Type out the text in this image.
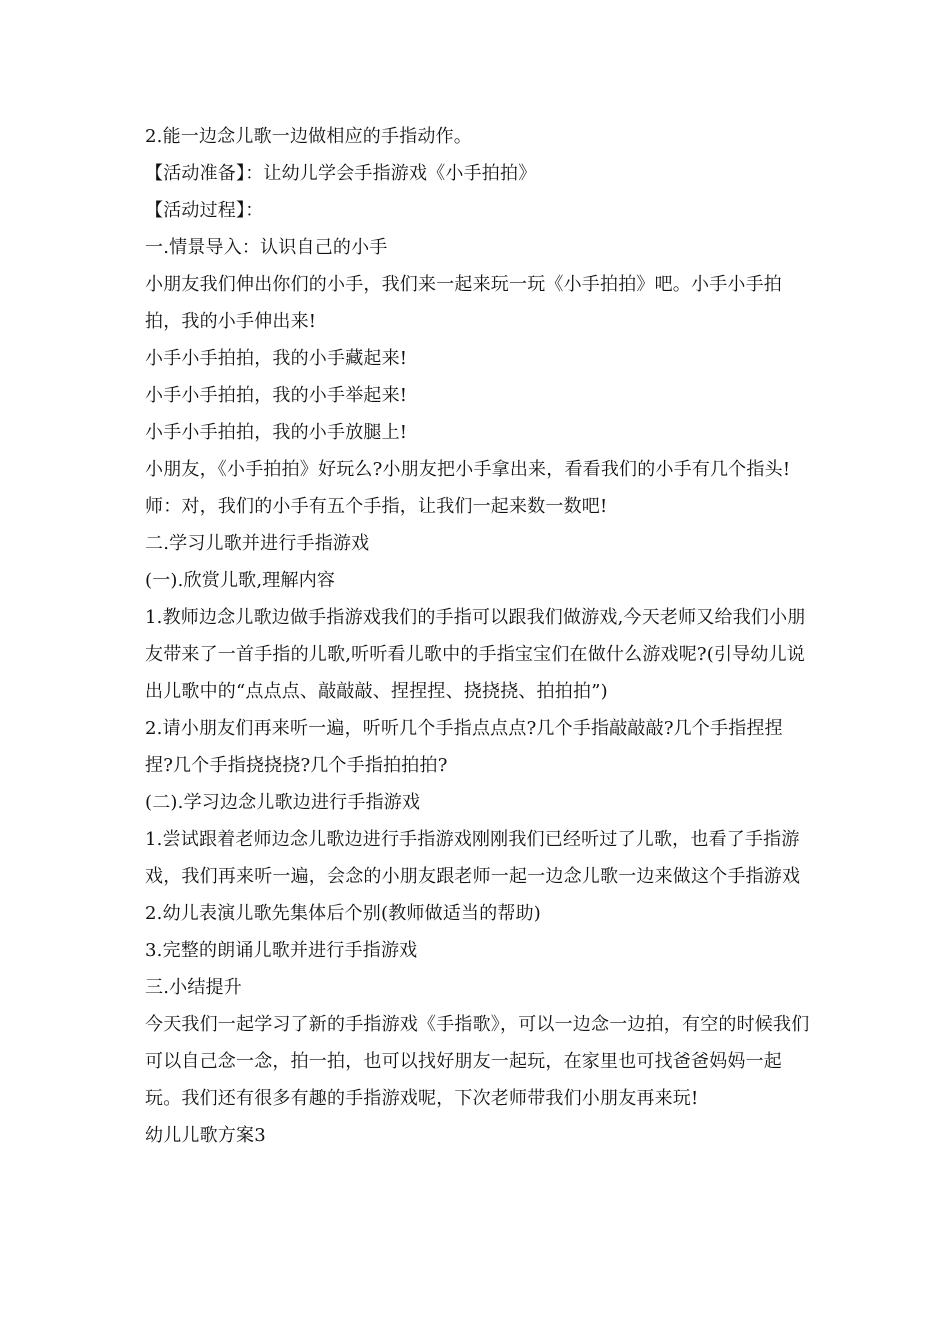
2.能一边念儿歌一边做相应的手指动作。

【活动准备】：让幼儿学会手指游戏《小手拍拍》

【活动过程】：

一.情景导入：认识自己的小手

小朋友我们伸出你们的小手，我们来一起来玩一玩《小手拍拍》吧。小手小手拍拍，我的小手伸出来!

小手小手拍拍，我的小手藏起来!

小手小手拍拍，我的小手举起来!

小手小手拍拍，我的小手放腿上!

小朋友，《小手拍拍》好玩么?小朋友把小手拿出来，看看我们的小手有几个指头!

师：对，我们的小手有五个手指，让我们一起来数一数吧!

二.学习儿歌并进行手指游戏

(一).欣赏儿歌,理解内容

1.教师边念儿歌边做手指游戏我们的手指可以跟我们做游戏,今天老师又给我们小朋友带来了一首手指的儿歌,听听看儿歌中的手指宝宝们在做什么游戏呢?(引导幼儿说出儿歌中的“点点点、敲敲敲、捏捏捏、挠挠挠、拍拍拍”)

2.请小朋友们再来听一遍，听听几个手指点点点?几个手指敲敲敲?几个手指捏捏捏?几个手指挠挠挠?几个手指拍拍拍?

(二).学习边念儿歌边进行手指游戏

1.尝试跟着老师边念儿歌边进行手指游戏刚刚我们已经听过了儿歌，也看了手指游戏，我们再来听一遍，会念的小朋友跟老师一起一边念儿歌一边来做这个手指游戏

2.幼儿表演儿歌先集体后个别(教师做适当的帮助)

3.完整的朗诵儿歌并进行手指游戏

三.小结提升

今天我们一起学习了新的手指游戏《手指歌》，可以一边念一边拍，有空的时候我们可以自己念一念，拍一拍，也可以找好朋友一起玩，在家里也可找爸爸妈妈一起玩。我们还有很多有趣的手指游戏呢，下次老师带我们小朋友再来玩!

幼儿儿歌方案3
